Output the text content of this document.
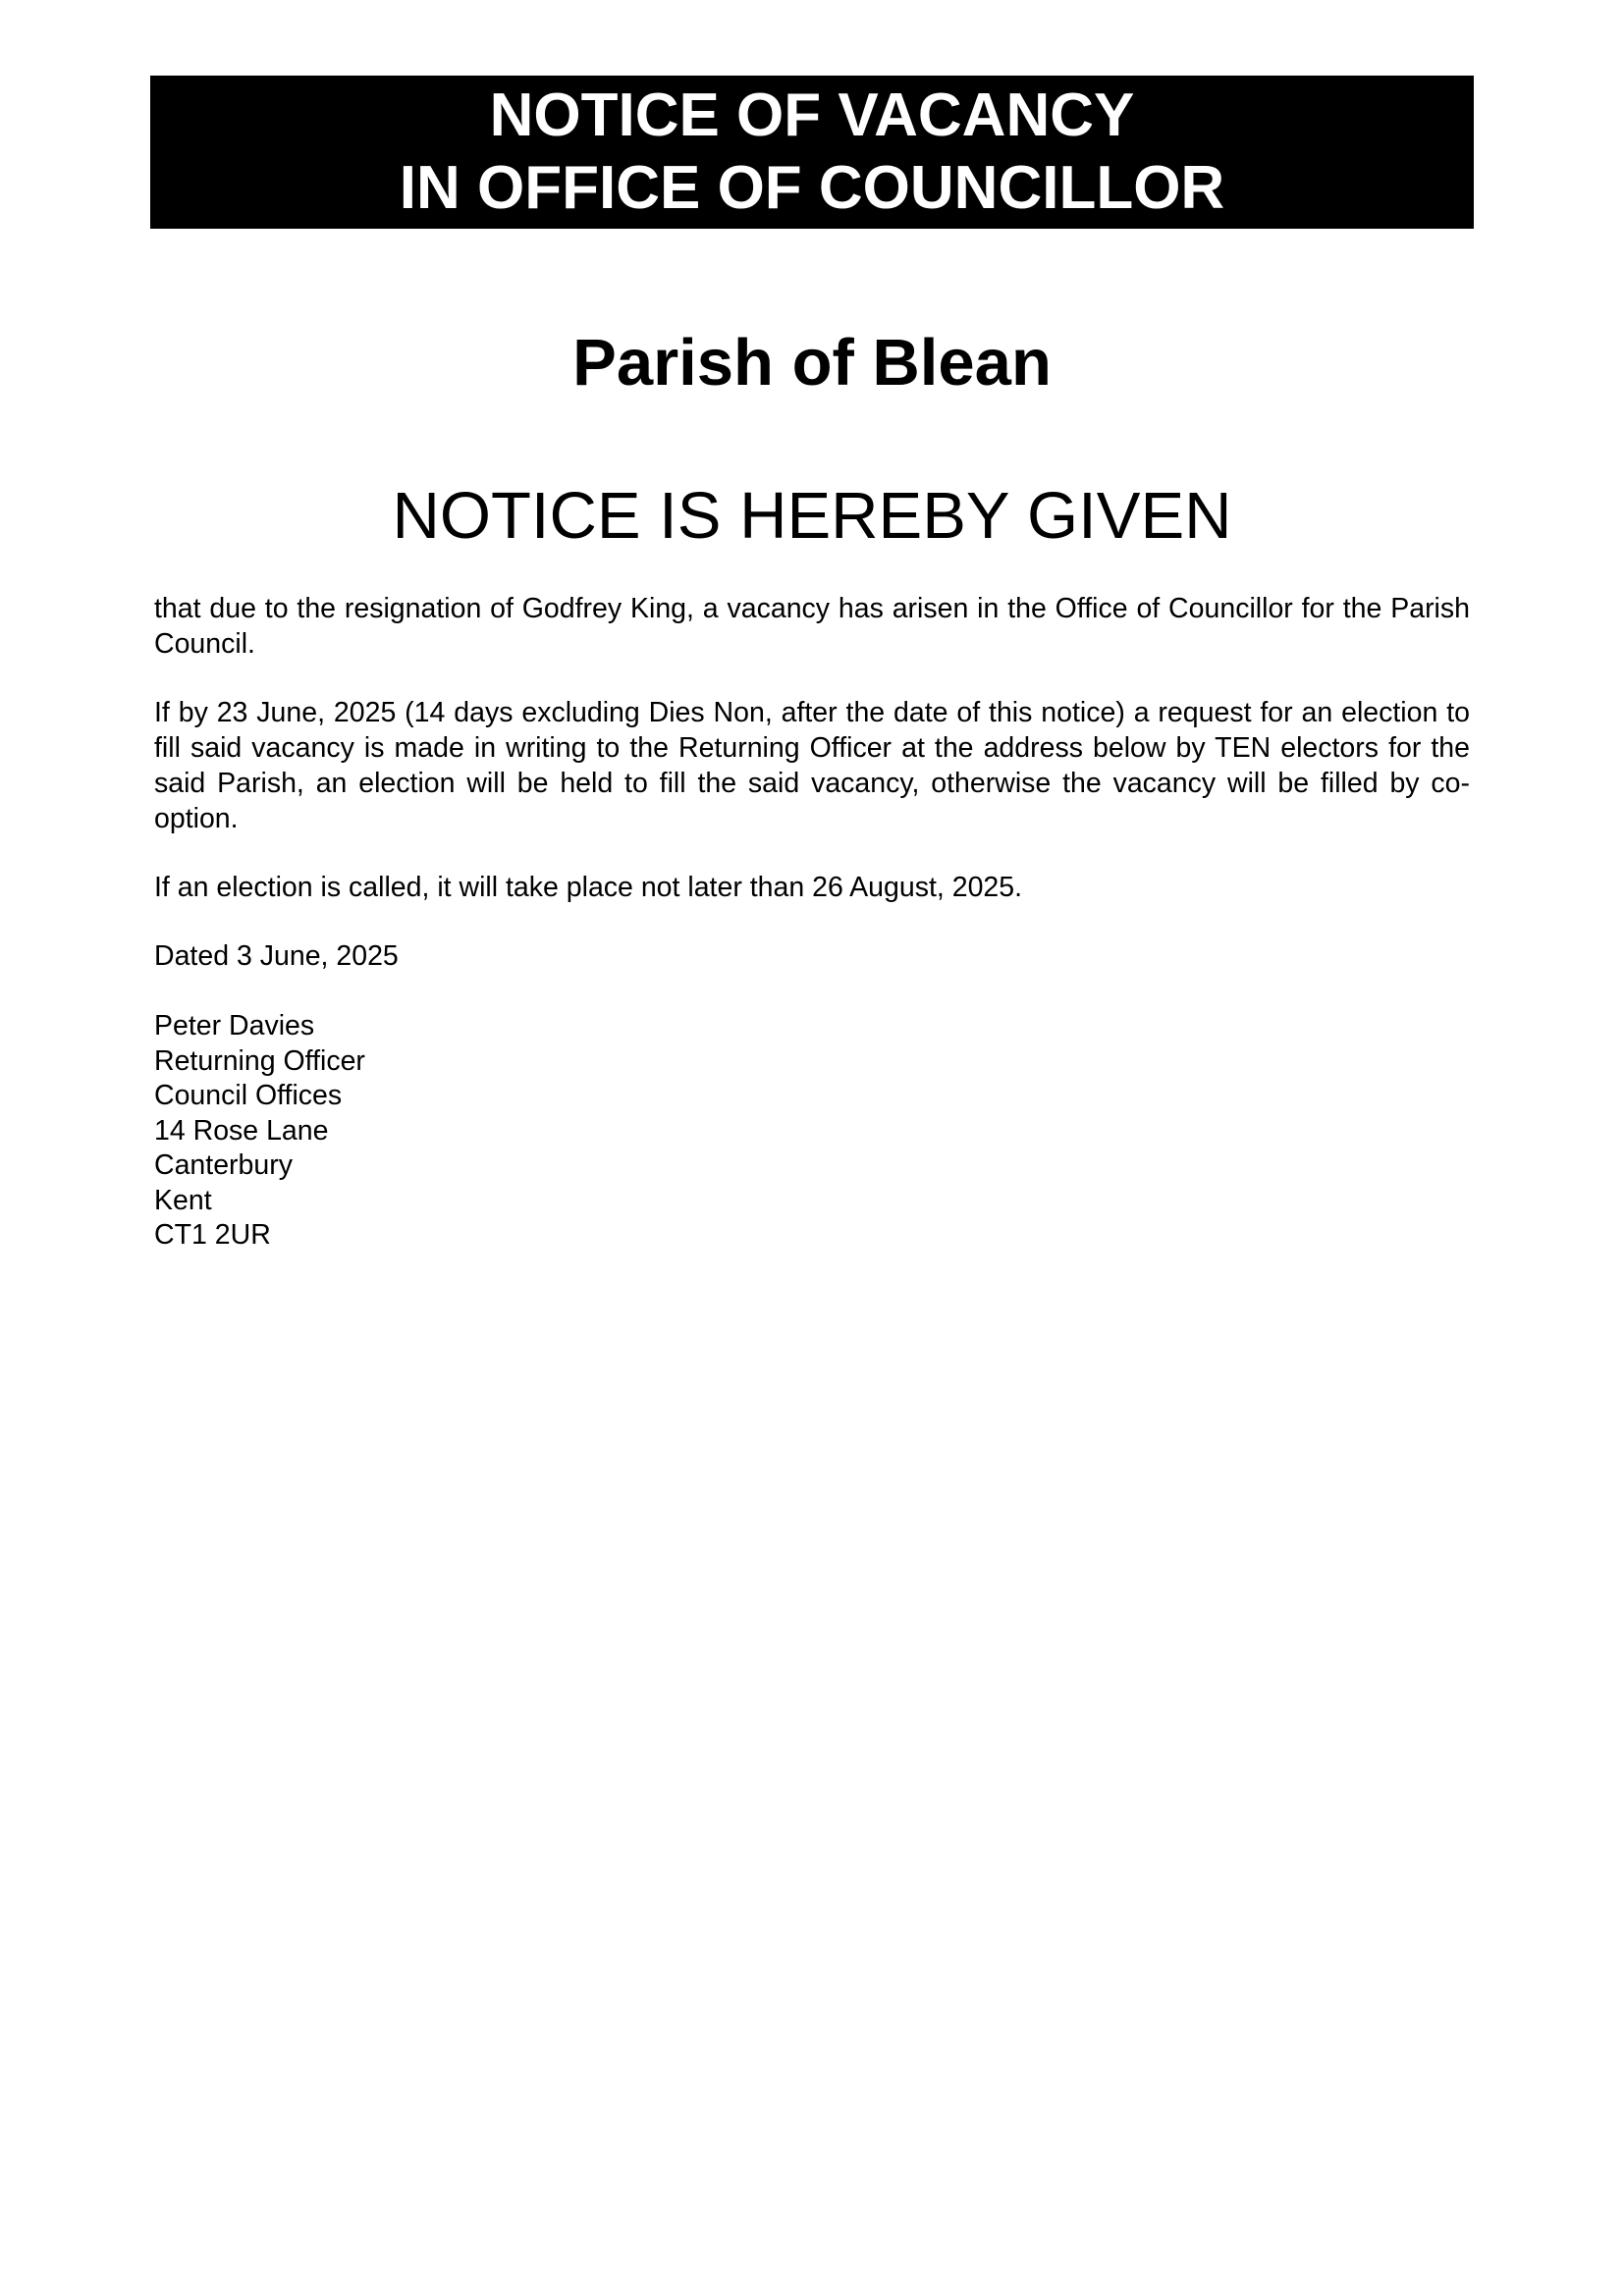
NOTICE OF VACANCY
IN OFFICE OF COUNCILLOR
Parish of Blean
NOTICE IS HEREBY GIVEN
that due to the resignation of Godfrey King, a vacancy has arisen in the Office of Councillor for the Parish Council.
If by 23 June, 2025 (14 days excluding Dies Non, after the date of this notice) a request for an election to fill said vacancy is made in writing to the Returning Officer at the address below by TEN electors for the said Parish, an election will be held to fill the said vacancy, otherwise the vacancy will be filled by co-option.
If an election is called, it will take place not later than 26 August, 2025.
Dated 3 June, 2025
Peter Davies
Returning Officer
Council Offices
14 Rose Lane
Canterbury
Kent
CT1 2UR
